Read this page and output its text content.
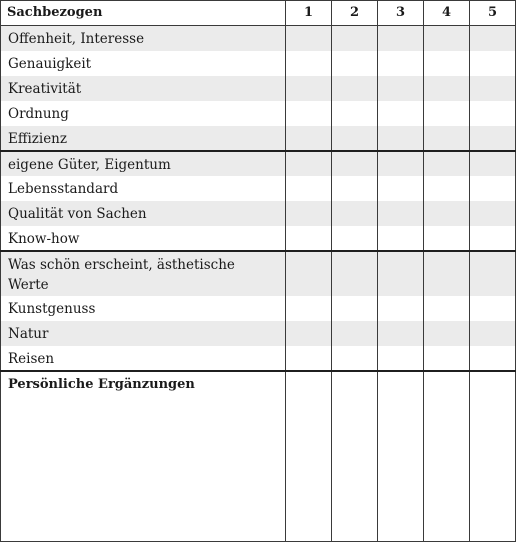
Sachbezogen	1	2	3	4	5
Offenheit, Interesse					
Genauigkeit					
Kreativität					
Ordnung					
Effizienz					
eigene Güter, Eigentum					
Lebensstandard					
Qualität von Sachen					
Know-how					
Was schön erscheint, ästhetische Werte					
Kunstgenuss					
Natur					
Reisen					
Persönliche Ergänzungen					
